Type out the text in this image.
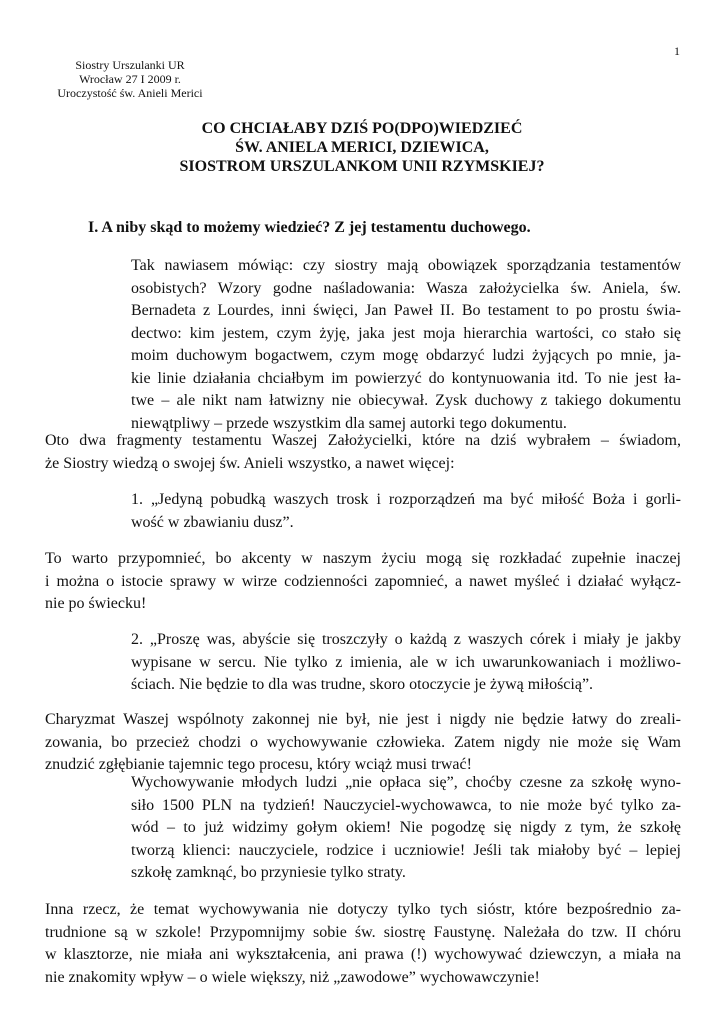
1
Siostry Urszulanki UR
Wrocław 27 I 2009 r.
Uroczystość św. Anieli Merici
CO CHCIAŁABY DZIŚ PO(DPO)WIEDZIEĆ
ŚW. ANIELA MERICI, DZIEWICA,
SIOSTROM URSZULANKOM UNII RZYMSKIEJ?
I. A niby skąd to możemy wiedzieć? Z jej testamentu duchowego.
Tak nawiasem mówiąc: czy siostry mają obowiązek sporządzania testamentów
osobistych? Wzory godne naśladowania: Wasza założycielka św. Aniela, św.
Bernadeta z Lourdes, inni święci, Jan Paweł II. Bo testament to po prostu świa-
dectwo: kim jestem, czym żyję, jaka jest moja hierarchia wartości, co stało się
moim duchowym bogactwem, czym mogę obdarzyć ludzi żyjących po mnie, ja-
kie linie działania chciałbym im powierzyć do kontynuowania itd. To nie jest ła-
twe – ale nikt nam łatwizny nie obiecywał. Zysk duchowy z takiego dokumentu
niewątpliwy – przede wszystkim dla samej autorki tego dokumentu.
Oto dwa fragmenty testamentu Waszej Założycielki, które na dziś wybrałem – świadom,
że Siostry wiedzą o swojej św. Anieli wszystko, a nawet więcej:
1. „Jedyną pobudką waszych trosk i rozporządzeń ma być miłość Boża i gorli-
wość w zbawianiu dusz”.
To warto przypomnieć, bo akcenty w naszym życiu mogą się rozkładać zupełnie inaczej
i można o istocie sprawy w wirze codzienności zapomnieć, a nawet myśleć i działać wyłącz-
nie po świecku!
2. „Proszę was, abyście się troszczyły o każdą z waszych córek i miały je jakby
wypisane w sercu. Nie tylko z imienia, ale w ich uwarunkowaniach i możliwo-
ściach. Nie będzie to dla was trudne, skoro otoczycie je żywą miłością”.
Charyzmat Waszej wspólnoty zakonnej nie był, nie jest i nigdy nie będzie łatwy do zreali-
zowania, bo przecież chodzi o wychowywanie człowieka. Zatem nigdy nie może się Wam
znudzić zgłębianie tajemnic tego procesu, który wciąż musi trwać!
Wychowywanie młodych ludzi „nie opłaca się”, choćby czesne za szkołę wyno-
siło 1500 PLN na tydzień! Nauczyciel-wychowawca, to nie może być tylko za-
wód – to już widzimy gołym okiem! Nie pogodzę się nigdy z tym, że szkołę
tworzą klienci: nauczyciele, rodzice i uczniowie! Jeśli tak miałoby być – lepiej
szkołę zamknąć, bo przyniesie tylko straty.
Inna rzecz, że temat wychowywania nie dotyczy tylko tych sióstr, które bezpośrednio za-
trudnione są w szkole! Przypomnijmy sobie św. siostrę Faustynę. Należała do tzw. II chóru
w klasztorze, nie miała ani wykształcenia, ani prawa (!) wychowywać dziewczyn, a miała na
nie znakomity wpływ – o wiele większy, niż „zawodowe” wychowawczynie!
